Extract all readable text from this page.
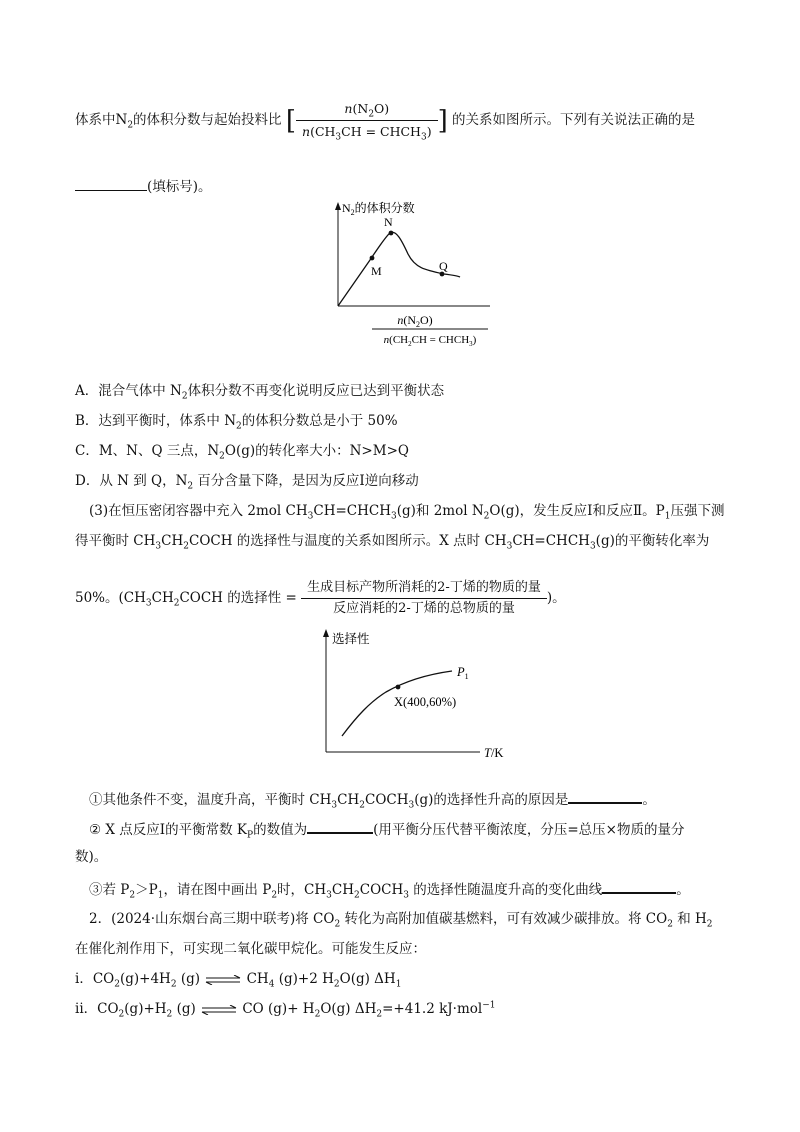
体系中$N_2$的体积分数与起始投料比 [ $\frac{n(N_2O)}{n(CH_3CH = CHCH_3)}$ ] 的关系如图所示。下列有关说法正确的是
(填标号)。
$N_2$的体积分数
M
N
Q
$n(N_2O)$
$n(CH_2CH$ = $CHCH_3$)
A．混合气体中 $N_2$体积分数不再变化说明反应已达到平衡状态
B．达到平衡时，体系中 $N_2$的体积分数总是小于 50%
C．M、N、Q 三点，$N_2O(g)$的转化率大小：N>M>Q
D．从 N 到 Q，$N_2$ 百分含量下降，是因为反应Ⅰ逆向移动
(3)在恒压密闭容器中充入 2mol $CH_3CH=CHCH_3(g)$和 2mol $N_2O(g)$，发生反应Ⅰ和反应Ⅱ。$P_1$压强下测
得平衡时 $CH_3CH_2COCH$ 的选择性与温度的关系如图所示。X 点时 $CH_3CH=CHCH_3(g)$的平衡转化率为
50%。($CH_3CH_2COCH$ 的选择性 = $\frac{\text{生成目标产物所消耗的2-丁烯的物质的量}}{\text{反应消耗的2-丁烯的总物质的量}}$ )。
选择性
$P_1$
X(400,60%)
T/K
①其他条件不变，温度升高，平衡时 $CH_3CH_2COCH_3(g)$的选择性升高的原因是	。
② X 点反应Ⅰ的平衡常数 $K_P$的数值为	(用平衡分压代替平衡浓度，分压=总压×物质的量分
数)。
③若 $P_2>P_1$，请在图中画出 $P_2$时，$CH_3CH_2COCH_3$ 的选择性随温度升高的变化曲线	。
2．(2024·山东烟台高三期中联考)将 $CO_2$ 转化为高附加值碳基燃料，可有效减少碳排放。将 $CO_2$ 和 $H_2$
在催化剂作用下，可实现二氧化碳甲烷化。可能发生反应：
i．$CO_2(g)+4H_2$ (g) ⇌ $CH_4$ (g)+2 $H_2O(g)$ $\Delta H_1$
ii．$CO_2(g)+H_2$ (g) ⇌ CO $(g)+ H_2O(g)$ $\Delta H_2=+41.2$ kJ·mol$^{-1}$
